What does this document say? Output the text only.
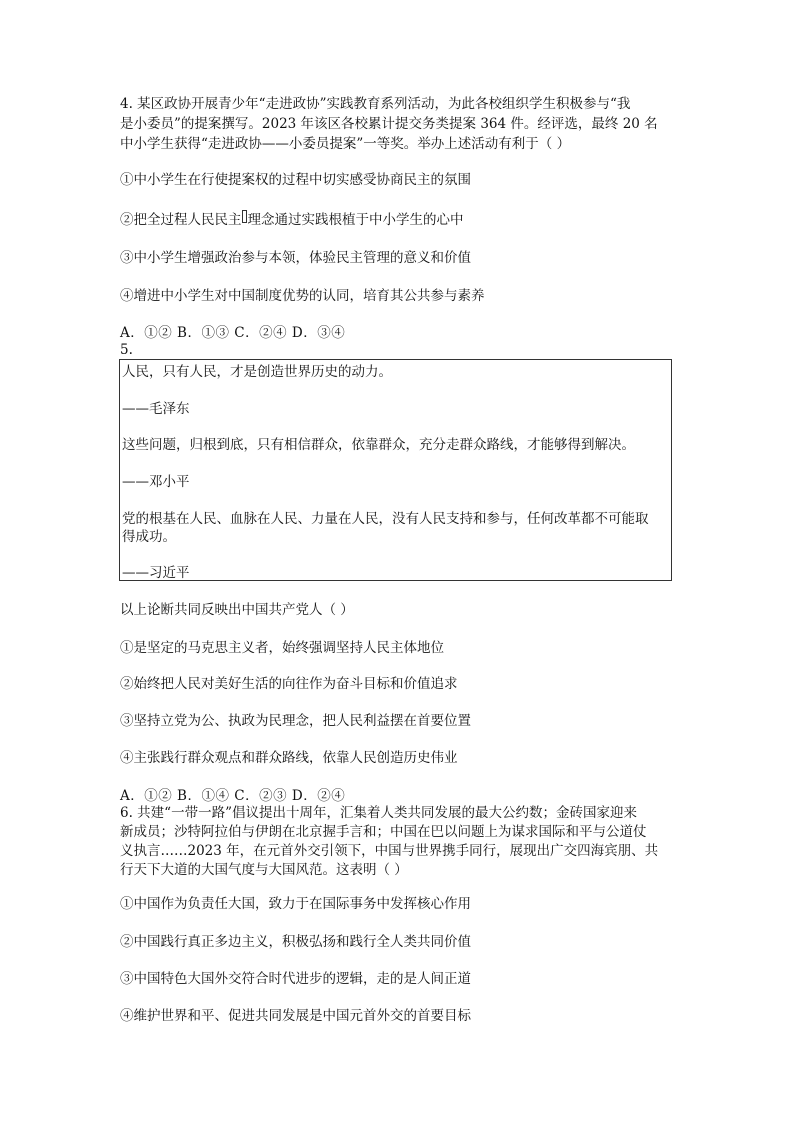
4. 某区政协开展青少年“走进政协”实践教育系列活动，为此各校组织学生积极参与“我
是小委员”的提案撰写。2023 年该区各校累计提交务类提案 364 件。经评选，最终 20 名
中小学生获得“走进政协——小委员提案”一等奖。举办上述活动有利于（ ）
①中小学生在行使提案权的过程中切实感受协商民主的氛围
②把全过程人民民主 理念通过实践根植于中小学生的心中
③中小学生增强政治参与本领，体验民主管理的意义和价值
④增进中小学生对中国制度优势的认同，培育其公共参与素养
A．①② B．①③ C．②④ D．③④
5.
人民，只有人民，才是创造世界历史的动力。
——毛泽东
这些问题，归根到底，只有相信群众，依靠群众，充分走群众路线，才能够得到解决。
——邓小平
党的根基在人民、血脉在人民、力量在人民，没有人民支持和参与，任何改革都不可能取
得成功。
——习近平
以上论断共同反映出中国共产党人（ ）
①是坚定的马克思主义者，始终强调坚持人民主体地位
②始终把人民对美好生活的向往作为奋斗目标和价值追求
③坚持立党为公、执政为民理念，把人民利益摆在首要位置
④主张践行群众观点和群众路线，依靠人民创造历史伟业
A．①② B．①④ C．②③ D．②④
6. 共建“一带一路”倡议提出十周年，汇集着人类共同发展的最大公约数；金砖国家迎来
新成员；沙特阿拉伯与伊朗在北京握手言和；中国在巴以问题上为谋求国际和平与公道仗
义执言……2023 年，在元首外交引领下，中国与世界携手同行，展现出广交四海宾朋、共
行天下大道的大国气度与大国风范。这表明（ ）
①中国作为负责任大国，致力于在国际事务中发挥核心作用
②中国践行真正多边主义，积极弘扬和践行全人类共同价值
③中国特色大国外交符合时代进步的逻辑，走的是人间正道
④维护世界和平、促进共同发展是中国元首外交的首要目标
